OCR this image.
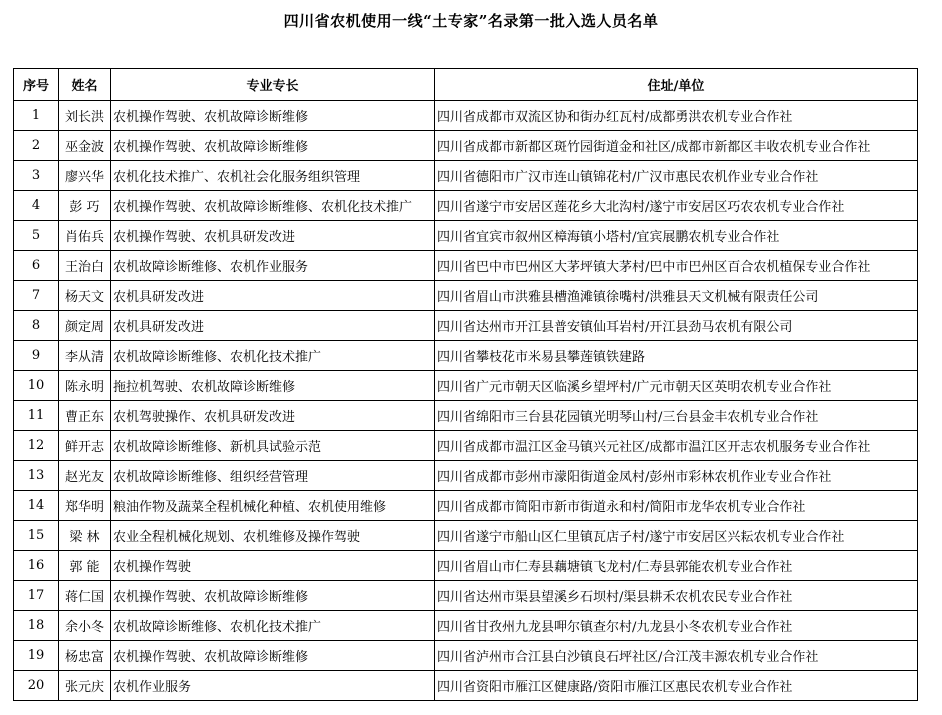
四川省农机使用一线“土专家”名录第一批入选人员名单
序号	姓名	专业专长	住址/单位
1	刘长洪	农机操作驾驶、农机故障诊断维修	四川省成都市双流区协和街办红瓦村/成都勇洪农机专业合作社
2	巫金波	农机操作驾驶、农机故障诊断维修	四川省成都市新都区斑竹园街道金和社区/成都市新都区丰收农机专业合作社
3	廖兴华	农机化技术推广、农机社会化服务组织管理	四川省德阳市广汉市连山镇锦花村/广汉市惠民农机作业专业合作社
4	彭 巧	农机操作驾驶、农机故障诊断维修、农机化技术推广	四川省遂宁市安居区莲花乡大北沟村/遂宁市安居区巧农农机专业合作社
5	肖佑兵	农机操作驾驶、农机具研发改进	四川省宜宾市叙州区樟海镇小塔村/宜宾展鹏农机专业合作社
6	王治白	农机故障诊断维修、农机作业服务	四川省巴中市巴州区大茅坪镇大茅村/巴中市巴州区百合农机植保专业合作社
7	杨天文	农机具研发改进	四川省眉山市洪雅县槽渔滩镇徐嘴村/洪雅县天文机械有限责任公司
8	颜定周	农机具研发改进	四川省达州市开江县普安镇仙耳岩村/开江县劲马农机有限公司
9	李从清	农机故障诊断维修、农机化技术推广	四川省攀枝花市米易县攀莲镇铁建路
10	陈永明	拖拉机驾驶、农机故障诊断维修	四川省广元市朝天区临溪乡望坪村/广元市朝天区英明农机专业合作社
11	曹正东	农机驾驶操作、农机具研发改进	四川省绵阳市三台县花园镇光明琴山村/三台县金丰农机专业合作社
12	鲜开志	农机故障诊断维修、新机具试验示范	四川省成都市温江区金马镇兴元社区/成都市温江区开志农机服务专业合作社
13	赵光友	农机故障诊断维修、组织经营管理	四川省成都市彭州市濛阳街道金凤村/彭州市彩林农机作业专业合作社
14	郑华明	粮油作物及蔬菜全程机械化种植、农机使用维修	四川省成都市简阳市新市街道永和村/简阳市龙华农机专业合作社
15	梁 林	农业全程机械化规划、农机维修及操作驾驶	四川省遂宁市船山区仁里镇瓦店子村/遂宁市安居区兴耘农机专业合作社
16	郭 能	农机操作驾驶	四川省眉山市仁寿县藕塘镇飞龙村/仁寿县郭能农机专业合作社
17	蒋仁国	农机操作驾驶、农机故障诊断维修	四川省达州市渠县望溪乡石坝村/渠县耕禾农机农民专业合作社
18	余小冬	农机故障诊断维修、农机化技术推广	四川省甘孜州九龙县呷尔镇查尔村/九龙县小冬农机专业合作社
19	杨忠富	农机操作驾驶、农机故障诊断维修	四川省泸州市合江县白沙镇良石坪社区/合江茂丰源农机专业合作社
20	张元庆	农机作业服务	四川省资阳市雁江区健康路/资阳市雁江区惠民农机专业合作社
